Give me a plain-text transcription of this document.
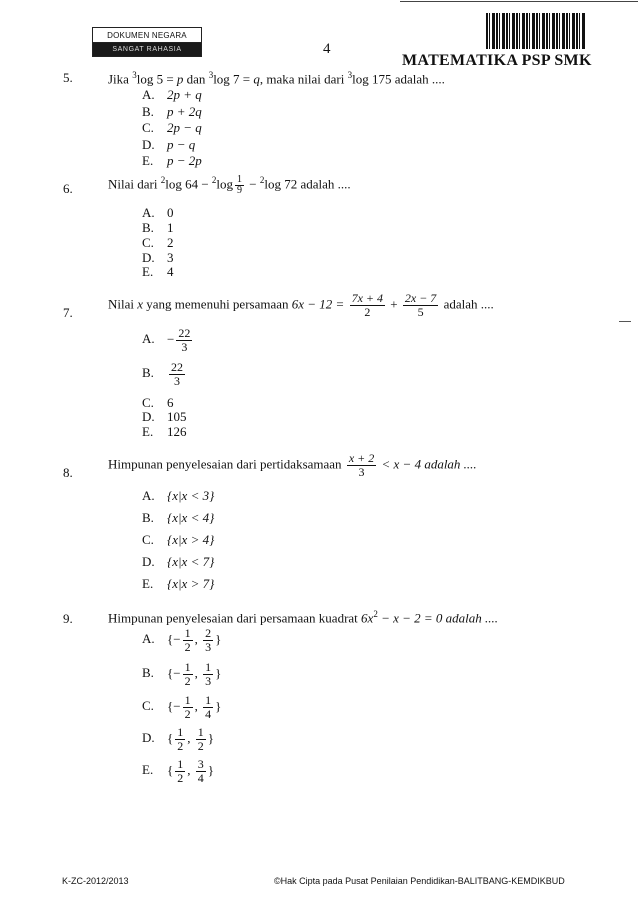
DOKUMEN NEGARA
SANGAT RAHASIA	4
MATEMATIKA PSP SMK
5.	Jika $^3$log 5 = p dan $^3$log 7 = q, maka nilai dari $^3$log 175 adalah ....
A. 2p + q
B. p + 2q
C. 2p − q
D. p − q
E. p − 2p
6.	Nilai dari $^2$log $64 - ^2\log \frac{1}{9} - ^2\log$ 72 adalah ....
A. 0
B. 1
C. 2
D. 3
E. 4
7.
Nilai x yang memenuhi persamaan $6x - 12 = \frac{7x + 4}{2} + \frac{2x - 7}{5}$ adalah ....
A. − $\frac{22}{3}$
B. $\frac{22}{3}$
C. 6
D. 105
E. 126
8.
Himpunan penyelesaian dari pertidaksamaan $\frac{x + 2}{3} < x - 4$ adalah ....
A. {x|x < 3}
B. {x|x < 4}
C. {x|x > 4}
D. {x|x < 7}
E. {x|x > 7}
9.	Himpunan penyelesaian dari persamaan kuadrat $6x^2 - x - 2 = 0$ adalah ....
A. {− $\frac{1}{2}$ , $\frac{2}{3}$ }
B. {− $\frac{1}{2}$ , $\frac{1}{3}$ }
C. {− $\frac{1}{2}$ , $\frac{1}{4}$ }
D. { $\frac{1}{2}$ , $\frac{1}{2}$ }
E. { $\frac{1}{2}$ , $\frac{3}{4}$ }
K-ZC-2012/2013	©Hak Cipta pada Pusat Penilaian Pendidikan-BALITBANG-KEMDIKBUD
